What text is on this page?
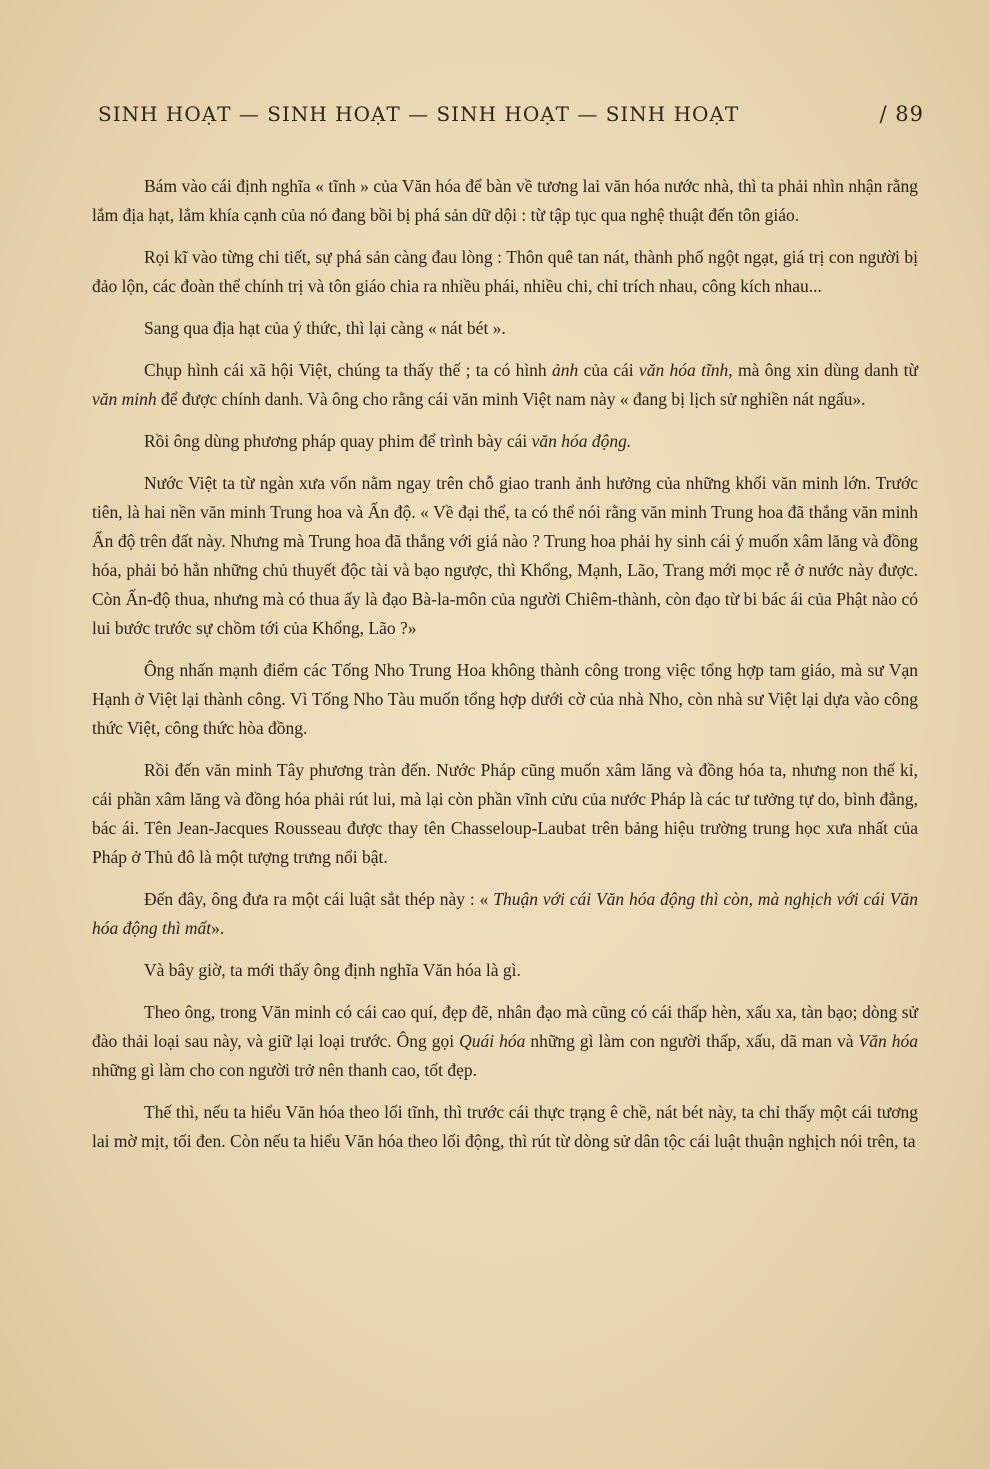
SINH HOẠT — SINH HOẠT — SINH HOẠT — SINH HOẠT	/ 89

Bám vào cái định nghĩa « tĩnh » của Văn hóa để bàn về tương lai văn hóa nước nhà, thì ta phải nhìn nhận rằng lắm địa hạt, lắm khía cạnh của nó đang bồi bị phá sản dữ dội : từ tập tục qua nghệ thuật đến tôn giáo.

Rọi kĩ vào từng chi tiết, sự phá sản càng đau lòng : Thôn quê tan nát, thành phố ngột ngạt, giá trị con người bị đảo lộn, các đoàn thể chính trị và tôn giáo chia ra nhiều phái, nhiều chi, chỉ trích nhau, công kích nhau...

Sang qua địa hạt của ý thức, thì lại càng « nát bét ».

Chụp hình cái xã hội Việt, chúng ta thấy thế ; ta có hình ảnh của cái văn hóa tĩnh, mà ông xin dùng danh từ văn minh để được chính danh. Và ông cho rằng cái văn minh Việt nam này « đang bị lịch sử nghiền nát ngấu».

Rồi ông dùng phương pháp quay phim để trình bày cái văn hóa động.

Nước Việt ta từ ngàn xưa vốn nằm ngay trên chỗ giao tranh ảnh hưởng của những khối văn minh lớn. Trước tiên, là hai nền văn minh Trung hoa và Ấn độ. « Về đại thể, ta có thể nói rằng văn minh Trung hoa đã thắng văn minh Ấn độ trên đất này. Nhưng mà Trung hoa đã thắng với giá nào ? Trung hoa phải hy sinh cái ý muốn xâm lăng và đồng hóa, phải bỏ hẳn những chủ thuyết độc tài và bạo ngược, thì Khổng, Mạnh, Lão, Trang mới mọc rễ ở nước này được. Còn Ấn-độ thua, nhưng mà có thua ấy là đạo Bà-la-môn của người Chiêm-thành, còn đạo từ bi bác ái của Phật nào có lui bước trước sự chồm tới của Khổng, Lão ?»

Ông nhấn mạnh điểm các Tống Nho Trung Hoa không thành công trong việc tổng hợp tam giáo, mà sư Vạn Hạnh ở Việt lại thành công. Vì Tống Nho Tàu muốn tổng hợp dưới cờ của nhà Nho, còn nhà sư Việt lại dựa vào công thức Việt, công thức hòa đồng.

Rồi đến văn minh Tây phương tràn đến. Nước Pháp cũng muốn xâm lăng và đồng hóa ta, nhưng non thế kỉ, cái phần xâm lăng và đồng hóa phải rút lui, mà lại còn phần vĩnh cửu của nước Pháp là các tư tưởng tự do, bình đẳng, bác ái. Tên Jean-Jacques Rousseau được thay tên Chasseloup-Laubat trên bảng hiệu trường trung học xưa nhất của Pháp ở Thủ đô là một tượng trưng nổi bật.

Đến đây, ông đưa ra một cái luật sắt thép này : « Thuận với cái Văn hóa động thì còn, mà nghịch với cái Văn hóa động thì mất».

Và bây giờ, ta mới thấy ông định nghĩa Văn hóa là gì.

Theo ông, trong Văn minh có cái cao quí, đẹp đẽ, nhân đạo mà cũng có cái thấp hèn, xấu xa, tàn bạo; dòng sử đào thải loại sau này, và giữ lại loại trước. Ông gọi Quái hóa những gì làm con người thấp, xấu, dã man và Văn hóa những gì làm cho con người trở nên thanh cao, tốt đẹp.

Thế thì, nếu ta hiểu Văn hóa theo lối tĩnh, thì trước cái thực trạng ê chề, nát bét này, ta chỉ thấy một cái tương lai mờ mịt, tối đen. Còn nếu ta hiểu Văn hóa theo lối động, thì rút từ dòng sử dân tộc cái luật thuận nghịch nói trên, ta
